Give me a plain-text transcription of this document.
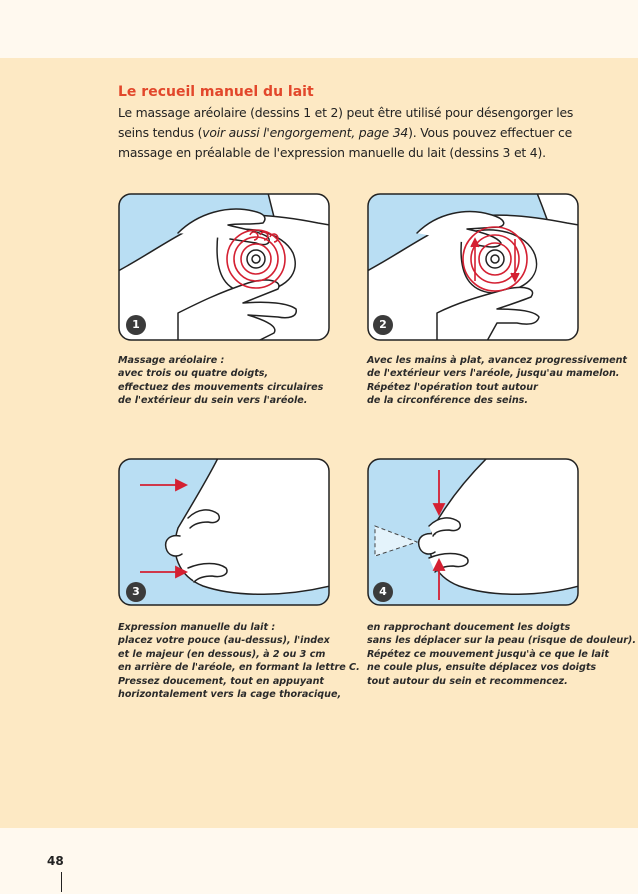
Le recueil manuel du lait

Le massage aréolaire (dessins 1 et 2) peut être utilisé pour désengorger les seins tendus (voir aussi l'engorgement, page 34). Vous pouvez effectuer ce massage en préalable de l'expression manuelle du lait (dessins 3 et 4).

1	2

Massage aréolaire :
avec trois ou quatre doigts,
effectuez des mouvements circulaires
de l'extérieur du sein vers l'aréole.

Avec les mains à plat, avancez progressivement
de l'extérieur vers l'aréole, jusqu'au mamelon.
Répétez l'opération tout autour
de la circonférence des seins.

3	4

Expression manuelle du lait :
placez votre pouce (au-dessus), l'index
et le majeur (en dessous), à 2 ou 3 cm
en arrière de l'aréole, en formant la lettre C.
Pressez doucement, tout en appuyant
horizontalement vers la cage thoracique,

en rapprochant doucement les doigts
sans les déplacer sur la peau (risque de douleur).
Répétez ce mouvement jusqu'à ce que le lait
ne coule plus, ensuite déplacez vos doigts
tout autour du sein et recommencez.

48
